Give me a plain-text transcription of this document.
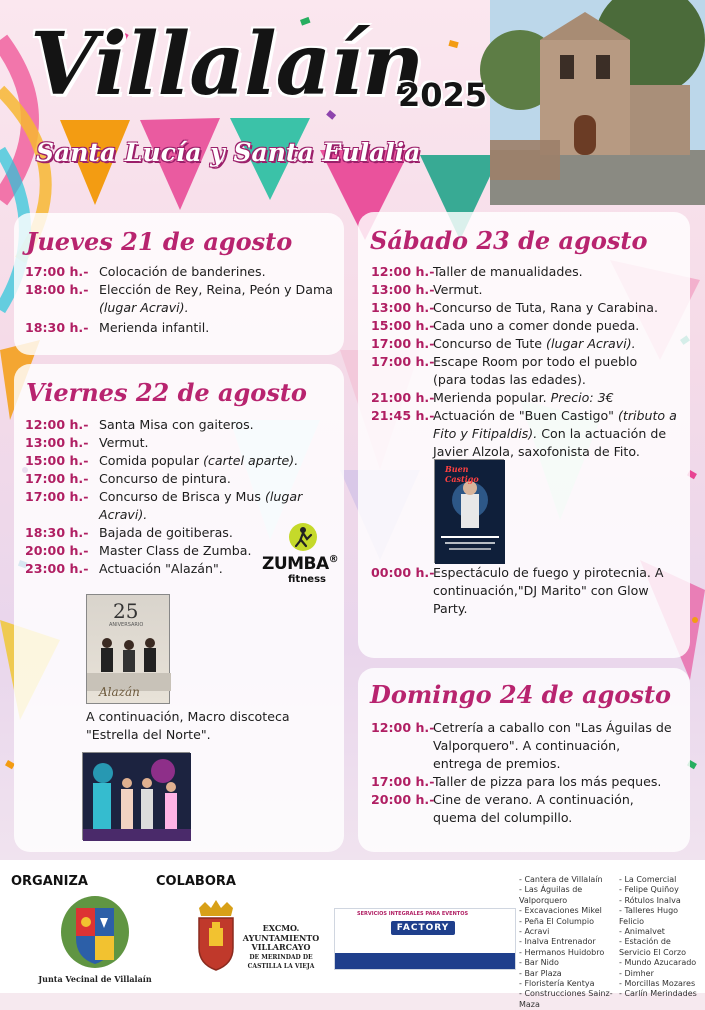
Villalaín
2025
Santa Lucía y Santa Eulalia
Jueves 21 de agosto
17:00 h.- Colocación de banderines.
18:00 h.- Elección de Rey, Reina, Peón y Dama (lugar Acravi).
18:30 h.- Merienda infantil.
Viernes 22 de agosto
12:00 h.- Santa Misa con gaiteros.
13:00 h.- Vermut.
15:00 h.- Comida popular (cartel aparte).
17:00 h.- Concurso de pintura.
17:00 h.- Concurso de Brisca y Mus (lugar Acravi).
18:30 h.- Bajada de goitiberas.
20:00 h.- Master Class de Zumba.
23:00 h.- Actuación "Alazán". ZUMBA®
fitness
25
ANIVERSARIO
Alazán
A continuación, Macro discoteca "Estrella del Norte".
Sábado 23 de agosto
12:00 h.-
Taller de manualidades.
13:00 h.-
Vermut.
13:00 h.-
Concurso de Tuta, Rana y Carabina.
15:00 h.-
Cada uno a comer donde pueda.
17:00 h.-
Concurso de Tute (lugar Acravi).
17:00 h.-
Escape Room por todo el pueblo (para todas las edades).
21:00 h.-
Merienda popular. Precio: 3€
21:45 h.-
Actuación de "Buen Castigo" (tributo a Fito y Fitipaldis). Con la actuación de Javier Alzola, saxofonista de Fito.
Buen Castigo
00:00 h.-
Espectáculo de fuego y pirotecnia. A continuación,"DJ Marito" con Glow Party.
Domingo 24 de agosto
12:00 h.-
Cetrería a caballo con "Las Águilas de Valporquero". A continuación, entrega de premios.
17:00 h.-
Taller de pizza para los más peques.
20:00 h.-
Cine de verano. A continuación, quema del columpillo.
ORGANIZA	COLABORA
Junta Vecinal de Villalaín
EXCMO.
AYUNTAMIENTO
VILLARCAYO
DE MERINDAD DE
CASTILLA LA VIEJA
SERVICIOS INTEGRALES PARA EVENTOS
FACTORY
- Cantera de Villalaín
- Las Águilas de Valporquero
- Excavaciones Mikel
- Peña El Columpio
- Acravi
- Inalva Entrenador
- Hermanos Huidobro
- Bar Nido
- Bar Plaza
- Floristería Kentya
- Construcciones Sainz-Maza
- La Comercial
- Felipe Quiñoy
- Rótulos Inalva
- Talleres Hugo Felicio
- Animalvet
- Estación de Servicio El Corzo
- Mundo Azucarado
- Dimher
- Morcillas Mozares
- Carlín Merindades
